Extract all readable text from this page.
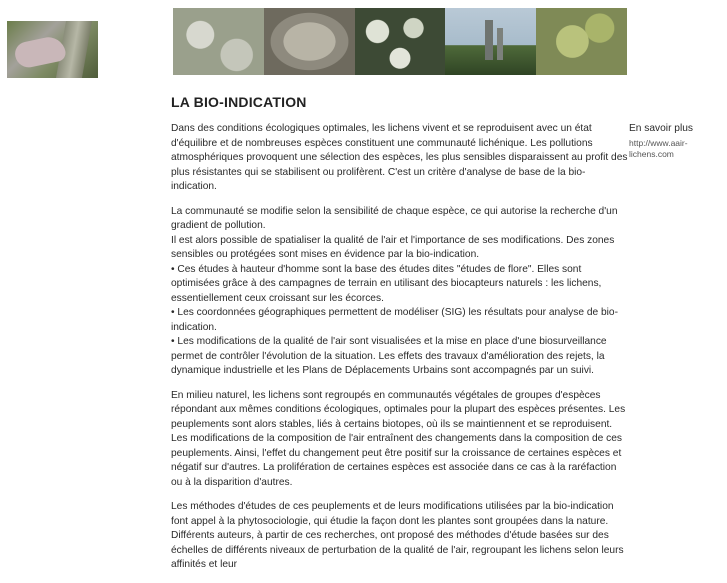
LA BIO-INDICATION

Dans des conditions écologiques optimales, les lichens vivent et se reproduisent avec un état d'équilibre et de nombreuses espèces constituent une communauté lichénique. Les pollutions atmosphériques provoquent une sélection des espèces, les plus sensibles disparaissent au profit des plus résistantes qui se stabilisent ou prolifèrent. C'est un critère d'analyse de base de la bio-indication.

La communauté se modifie selon la sensibilité de chaque espèce, ce qui autorise la recherche d'un gradient de pollution.
Il est alors possible de spatialiser la qualité de l'air et l'importance de ses modifications. Des zones sensibles ou protégées sont mises en évidence par la bio-indication.
• Ces études à hauteur d'homme sont la base des études dites "études de flore". Elles sont optimisées grâce à des campagnes de terrain en utilisant des biocapteurs naturels : les lichens, essentiellement ceux croissant sur les écorces.
• Les coordonnées géographiques permettent de modéliser (SIG) les résultats pour analyse de bio-indication.
• Les modifications de la qualité de l'air sont visualisées et la mise en place d'une biosurveillance permet de contrôler l'évolution de la situation. Les effets des travaux d'amélioration des rejets, la dynamique industrielle et les Plans de Déplacements Urbains sont accompagnés par un suivi.

En milieu naturel, les lichens sont regroupés en communautés végétales de groupes d'espèces répondant aux mêmes conditions écologiques, optimales pour la plupart des espèces présentes. Les peuplements sont alors stables, liés à certains biotopes, où ils se maintiennent et se reproduisent.
Les modifications de la composition de l'air entraînent des changements dans la composition de ces peuplements. Ainsi, l'effet du changement peut être positif sur la croissance de certaines espèces et négatif sur d'autres. La prolifération de certaines espèces est associée dans ce cas à la raréfaction ou à la disparition d'autres.

Les méthodes d'études de ces peuplements et de leurs modifications utilisées par la bio-indication font appel à la phytosociologie, qui étudie la façon dont les plantes sont groupées dans la nature. Différents auteurs, à partir de ces recherches, ont proposé des méthodes d'étude basées sur des échelles de différents niveaux de perturbation de la qualité de l'air, regroupant les lichens selon leurs affinités et leur

En savoir plus
http://www.aair-lichens.com
